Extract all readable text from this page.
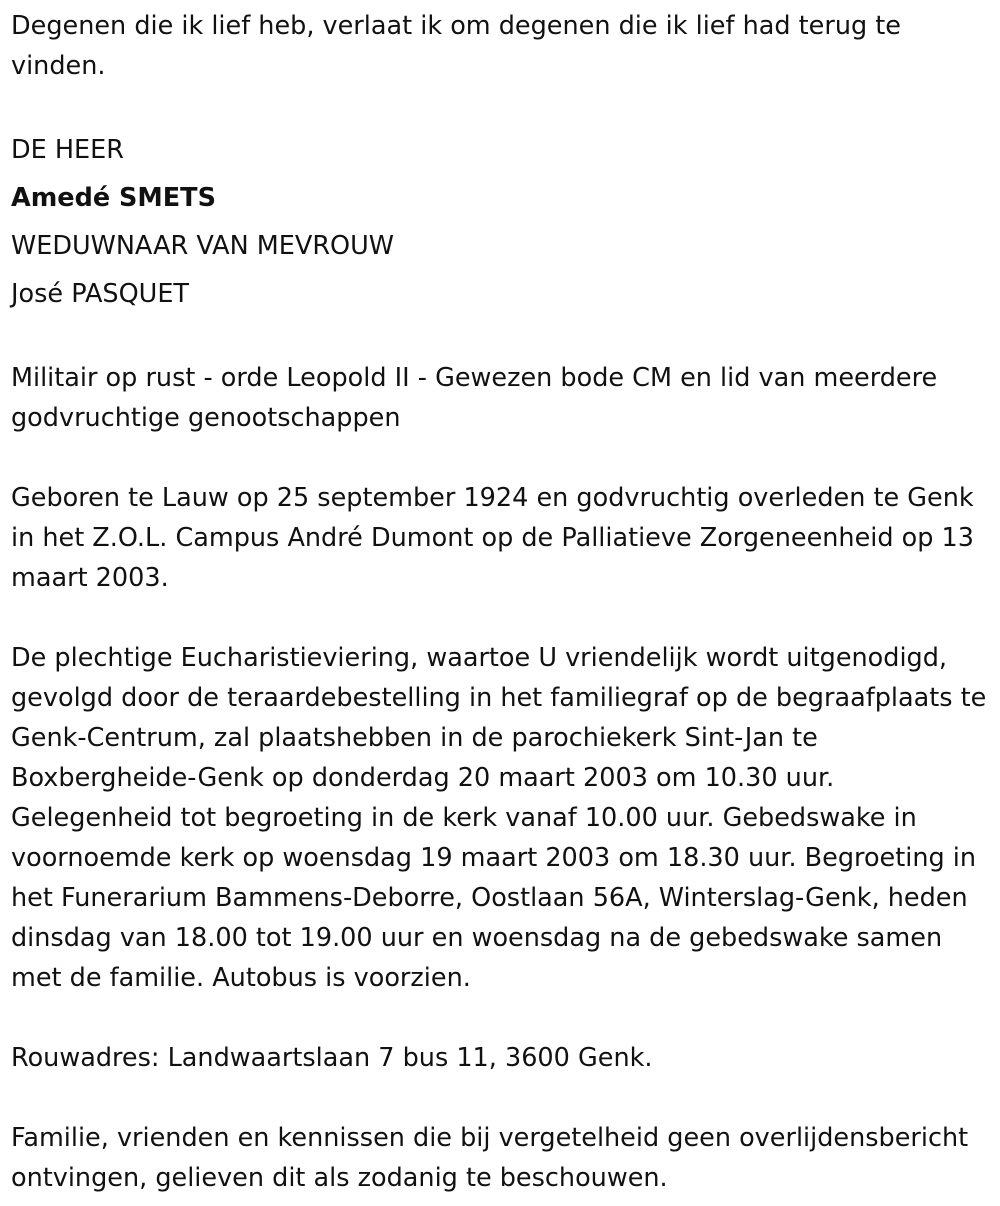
Degenen die ik lief heb, verlaat ik om degenen die ik lief had terug te vinden.

DE HEER

Amedé SMETS

WEDUWNAAR VAN MEVROUW

José PASQUET

Militair op rust - orde Leopold II - Gewezen bode CM en lid van meerdere godvruchtige genootschappen

Geboren te Lauw op 25 september 1924 en godvruchtig overleden te Genk in het Z.O.L. Campus André Dumont op de Palliatieve Zorgeneenheid op 13 maart 2003.

De plechtige Eucharistieviering, waartoe U vriendelijk wordt uitgenodigd, gevolgd door de teraardebestelling in het familiegraf op de begraafplaats te Genk-Centrum, zal plaatshebben in de parochiekerk Sint-Jan te Boxbergheide-Genk op donderdag 20 maart 2003 om 10.30 uur. Gelegenheid tot begroeting in de kerk vanaf 10.00 uur. Gebedswake in voornoemde kerk op woensdag 19 maart 2003 om 18.30 uur. Begroeting in het Funerarium Bammens-Deborre, Oostlaan 56A, Winterslag-Genk, heden dinsdag van 18.00 tot 19.00 uur en woensdag na de gebedswake samen met de familie. Autobus is voorzien.

Rouwadres: Landwaartslaan 7 bus 11, 3600 Genk.

Familie, vrienden en kennissen die bij vergetelheid geen overlijdensbericht ontvingen, gelieven dit als zodanig te beschouwen.
